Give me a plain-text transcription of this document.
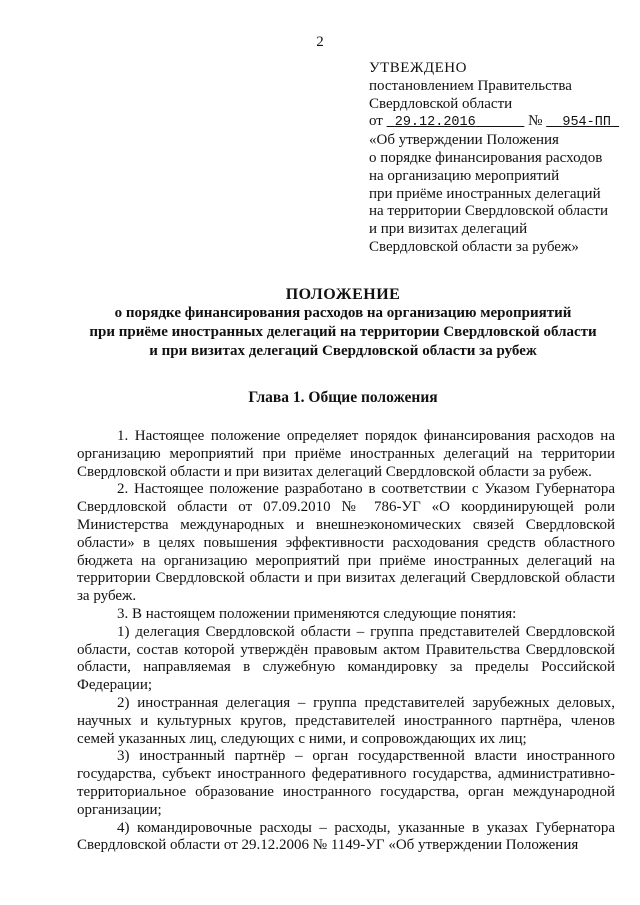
2
УТВЕЖДЕНО
постановлением Правительства
Свердловской области
от 29.12.2016	№ 954-ПП
«Об утверждении Положения
о порядке финансирования расходов
на организацию мероприятий
при приёме иностранных делегаций
на территории Свердловской области
и при визитах делегаций
Свердловской области за рубеж»
ПОЛОЖЕНИЕ
о порядке финансирования расходов на организацию мероприятий
при приёме иностранных делегаций на территории Свердловской области
и при визитах делегаций Свердловской области за рубеж
Глава 1. Общие положения

1. Настоящее положение определяет порядок финансирования расходов на организацию мероприятий при приёме иностранных делегаций на территории Свердловской области и при визитах делегаций Свердловской области за рубеж.

2. Настоящее положение разработано в соответствии с Указом Губернатора Свердловской области от 07.09.2010 № 786-УГ «О координирующей роли Министерства международных и внешнеэкономических связей Свердловской области» в целях повышения эффективности расходования средств областного бюджета на организацию мероприятий при приёме иностранных делегаций на территории Свердловской области и при визитах делегаций Свердловской области за рубеж.

3. В настоящем положении применяются следующие понятия:

1) делегация Свердловской области – группа представителей Свердловской области, состав которой утверждён правовым актом Правительства Свердловской области, направляемая в служебную командировку за пределы Российской Федерации;

2) иностранная делегация – группа представителей зарубежных деловых, научных и культурных кругов, представителей иностранного партнёра, членов семей указанных лиц, следующих с ними, и сопровождающих их лиц;

3) иностранный партнёр – орган государственной власти иностранного государства, субъект иностранного федеративного государства, административно-территориальное образование иностранного государства, орган международной организации;

4) командировочные расходы – расходы, указанные в указах Губернатора Свердловской области от 29.12.2006 № 1149-УГ «Об утверждении Положения
